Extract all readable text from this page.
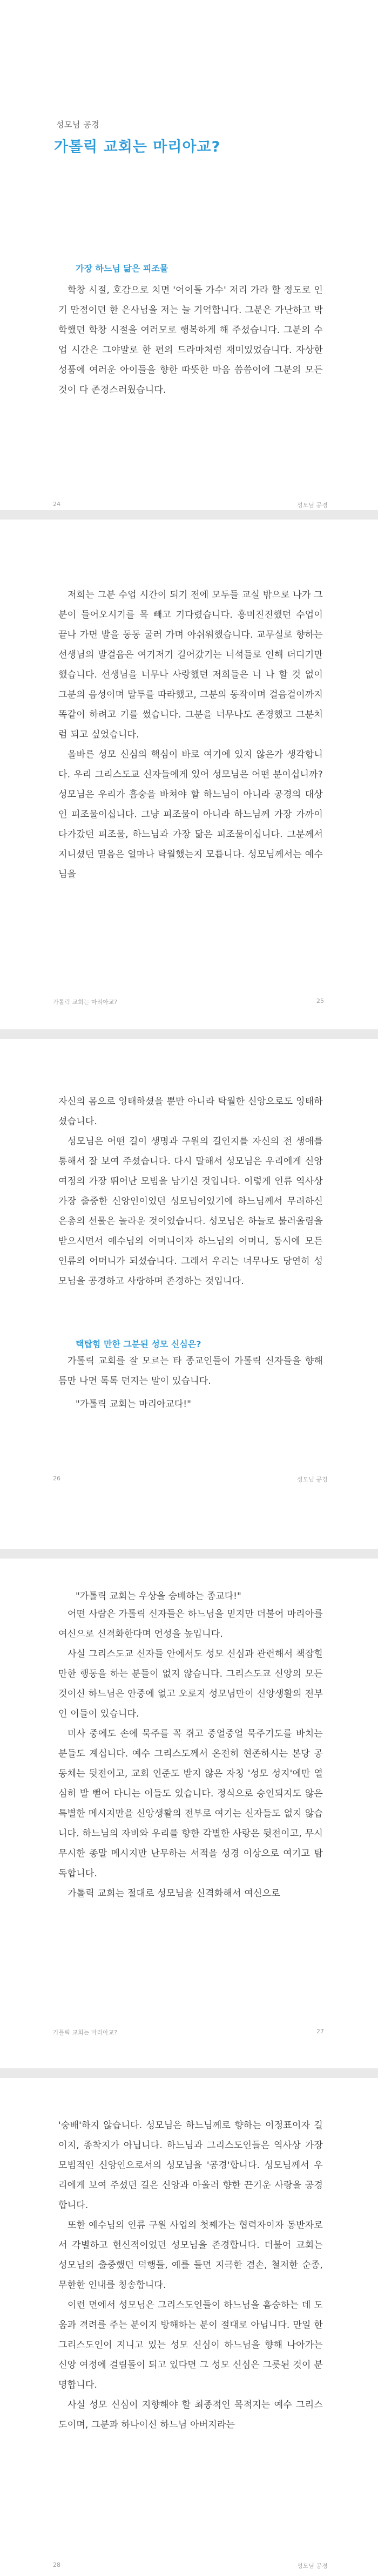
성모님 공경
가톨릭 교회는 마리아교?
가장 하느님 닮은 피조물

학창 시절, 호감으로 치면 '어이돌 가수' 저리 가라 할 정도로 인기 만점이던 한 은사님을 저는 늘 기억합니다. 그분은 가난하고 박학했던 학창 시절을 여러모로 행복하게 해 주셨습니다. 그분의 수업 시간은 그야말로 한 편의 드라마처럼 재미있었습니다. 자상한 성품에 여러운 아이들을 향한 따뜻한 마음 씀씀이에 그분의 모든 것이 다 존경스러웠습니다.

24	성모님 공경

저희는 그분 수업 시간이 되기 전에 모두들 교실 밖으로 나가 그분이 들어오시기를 목 빼고 기다렸습니다. 흥미진진했던 수업이 끝나 가면 발을 동동 굴러 가며 아쉬워했습니다. 교무실로 향하는 선생님의 발걸음은 여기저기 길어갔기는 너석들로 인해 더디기만 했습니다. 선생님을 너무나 사랑했던 저희들은 너 나 할 것 없이 그분의 음성이며 말투를 따라했고, 그분의 동작이며 걸음걸이까지 똑같이 하려고 기를 썼습니다. 그분을 너무나도 존경했고 그분처럼 되고 싶었습니다.

올바른 성모 신심의 핵심이 바로 여기에 있지 않은가 생각합니다. 우리 그리스도교 신자들에게 있어 성모님은 어떤 분이십니까? 성모님은 우리가 흠숭을 바쳐야 할 하느님이 아니라 공경의 대상인 피조물이십니다. 그냥 피조물이 아니라 하느님께 가장 가까이 다가갔던 피조물, 하느님과 가장 닮은 피조물이십니다. 그분께서 지니셨던 믿음은 얼마나 탁월했는지 모릅니다. 성모님께서는 예수님을

가톨릭 교회는 마리아교?	25

자신의 몸으로 잉태하셨을 뿐만 아니라 탁월한 신앙으로도 잉태하셨습니다.

성모님은 어떤 길이 생명과 구원의 길인지를 자신의 전 생애를 통해서 잘 보여 주셨습니다. 다시 말해서 성모님은 우리에게 신앙 여정의 가장 뛰어난 모범을 남기신 것입니다. 이렇게 인류 역사상 가장 출중한 신앙인이었던 성모님이었기에 하느님께서 무려하신 은총의 선물은 놀라운 것이었습니다. 성모님은 하늘로 불러올림을 받으시면서 예수님의 어머니이자 하느님의 어머니, 동시에 모든 인류의 어머니가 되셨습니다. 그래서 우리는 너무나도 당연히 성모님을 공경하고 사랑하며 존경하는 것입니다.

택탑힘 만한 그분된 성모 신심은?

가톨릭 교회를 잘 모르는 타 종교인들이 가톨릭 신자들을 향해 틈만 나면 톡톡 던지는 말이 있습니다.

"가톨릭 교회는 마리아교다!"
26	성모님 공경
"가톨릭 교회는 우상을 숭배하는 종교다!"

어떤 사람은 가톨릭 신자들은 하느님을 믿지만 더불어 마리아를 여신으로 신격화한다며 언성을 높입니다.

사실 그리스도교 신자들 안에서도 성모 신심과 관련해서 책잡힐 만한 행동을 하는 분들이 없지 않습니다. 그리스도교 신앙의 모든 것이신 하느님은 안중에 없고 오로지 성모님만이 신앙생활의 전부인 이들이 있습니다.

미사 중에도 손에 묵주를 꼭 쥐고 중얼중얼 묵주기도를 바치는 분들도 계십니다. 예수 그리스도께서 온전히 현존하시는 본당 공동체는 뒷전이고, 교회 인준도 받지 않은 자칭 '성모 성지'에만 열심히 발 뻗어 다니는 이들도 있습니다. 정식으로 승인되지도 않은 특별한 메시지만을 신앙생활의 전부로 여기는 신자들도 없지 않습니다. 하느님의 자비와 우리를 향한 각별한 사랑은 뒷전이고, 무시무시한 종말 메시지만 난무하는 서적을 성경 이상으로 여기고 탐독합니다.

가톨릭 교회는 절대로 성모님을 신격화해서 여신으로

가톨릭 교회는 마리아교?	27

'숭배'하지 않습니다. 성모님은 하느님께로 향하는 이정표이자 길이지, 종착지가 아닙니다. 하느님과 그리스도인들은 역사상 가장 모범적인 신앙인으로서의 성모님을 '공경'합니다. 성모님께서 우리에게 보여 주셨던 길은 신앙과 아울러 향한 끈기운 사랑을 공경합니다.

또한 예수님의 인류 구원 사업의 첫째가는 협력자이자 동반자로서 각별하고 헌신적이었던 성모님을 존경합니다. 더불어 교회는 성모님의 출중했던 덕행들, 예를 들면 지극한 겸손, 철저한 순종, 무한한 인내를 칭송합니다.

이런 면에서 성모님은 그리스도인들이 하느님을 흠숭하는 데 도움과 격려를 주는 분이지 방해하는 분이 절대로 아닙니다. 만일 한 그리스도인이 지니고 있는 성모 신심이 하느님을 향해 나아가는 신앙 여정에 걸림돌이 되고 있다면 그 성모 신심은 그릇된 것이 분명합니다.

사실 성모 신심이 지향해야 할 최종적인 목적지는 예수 그리스도이며, 그분과 하나이신 하느님 아버지라는

28	성모님 공경
